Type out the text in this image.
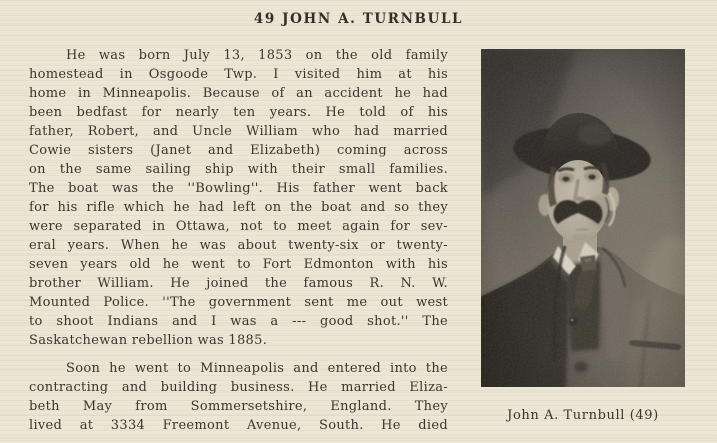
49 JOHN A. TURNBULL
He was born July 13, 1853 on the old family
homestead in Osgoode Twp. I visited him at his
home in Minneapolis. Because of an accident he had
been bedfast for nearly ten years. He told of his
father, Robert, and Uncle William who had married
Cowie sisters (Janet and Elizabeth) coming across
on the same sailing ship with their small families.
The boat was the ''Bowling''. His father went back
for his rifle which he had left on the boat and so they
were separated in Ottawa, not to meet again for sev-
eral years. When he was about twenty-six or twenty-
seven years old he went to Fort Edmonton with his
brother William. He joined the famous R. N. W.
Mounted Police. ''The government sent me out west
to shoot Indians and I was a --- good shot.'' The
Saskatchewan rebellion was 1885.
Soon he went to Minneapolis and entered into the
contracting and building business. He married Eliza-
beth May from Sommersetshire, England. They
lived at 3334 Freemont Avenue, South. He died
John A. Turnbull (49)
